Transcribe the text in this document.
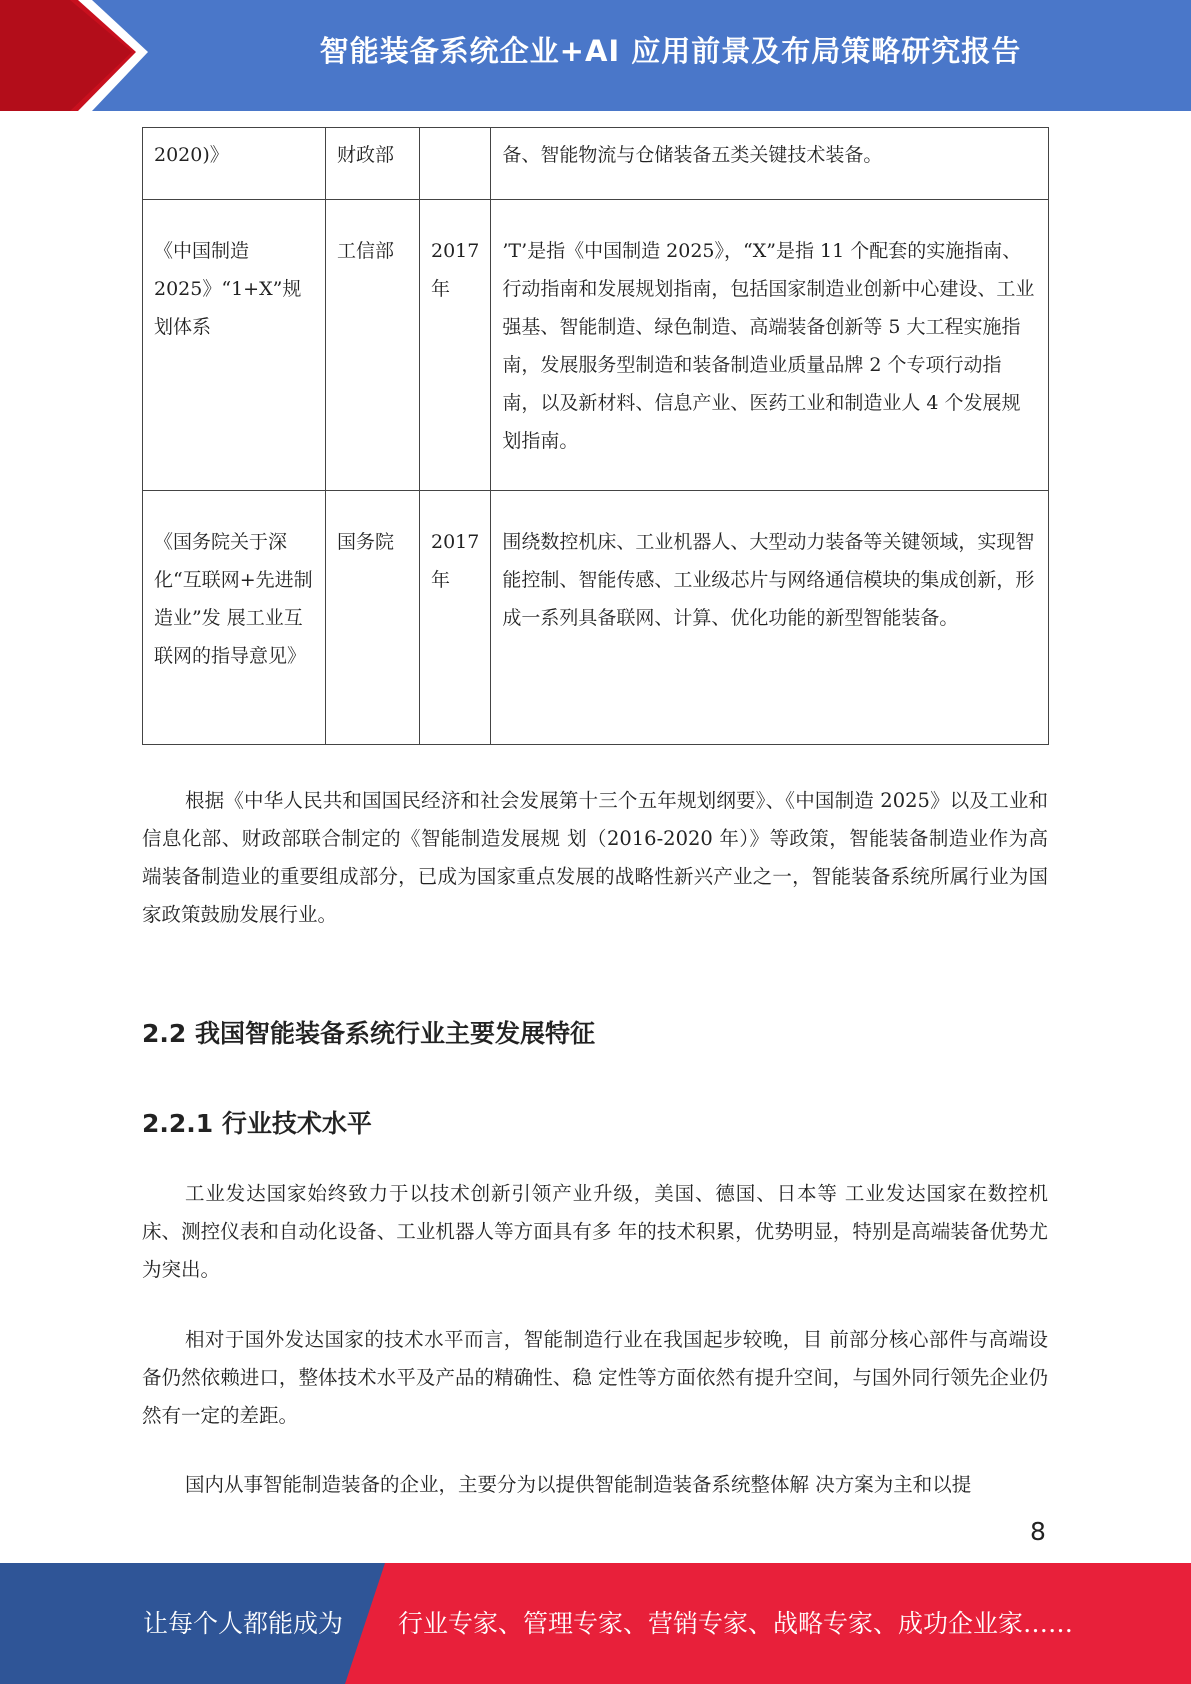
智能装备系统企业+AI 应用前景及布局策略研究报告
2020)》	财政部		备、智能物流与仓储装备五类关键技术装备。
《中国制造2025》“1+X”规划体系	工信部	2017年	’T’是指《中国制造 2025》，“X”是指 11 个配套的实施指南、行动指南和发展规划指南，包括国家制造业创新中心建设、工业强基、智能制造、绿色制造、高端装备创新等 5 大工程实施指南，发展服务型制造和装备制造业质量品牌 2 个专项行动指南，以及新材料、信息产业、医药工业和制造业人 4 个发展规划指南。
《国务院关于深化“互联网+先进制造业”发 展工业互联网的指导意见》	国务院	2017年	围绕数控机床、工业机器人、大型动力装备等关键领域，实现智能控制、智能传感、工业级芯片与网络通信模块的集成创新，形成一系列具备联网、计算、优化功能的新型智能装备。

根据《中华人民共和国国民经济和社会发展第十三个五年规划纲要》、《中国制造 2025》以及工业和信息化部、财政部联合制定的《智能制造发展规 划（2016-2020 年）》等政策，智能装备制造业作为高端装备制造业的重要组成部分，已成为国家重点发展的战略性新兴产业之一，智能装备系统所属行业为国家政策鼓励发展行业。

2.2 我国智能装备系统行业主要发展特征
2.2.1 行业技术水平

工业发达国家始终致力于以技术创新引领产业升级，美国、德国、日本等 工业发达国家在数控机床、测控仪表和自动化设备、工业机器人等方面具有多 年的技术积累，优势明显，特别是高端装备优势尤为突出。

相对于国外发达国家的技术水平而言，智能制造行业在我国起步较晚，目 前部分核心部件与高端设备仍然依赖进口，整体技术水平及产品的精确性、稳 定性等方面依然有提升空间，与国外同行领先企业仍然有一定的差距。

国内从事智能制造装备的企业，主要分为以提供智能制造装备系统整体解 决方案为主和以提

8
让每个人都能成为 行业专家、管理专家、营销专家、战略专家、成功企业家……
